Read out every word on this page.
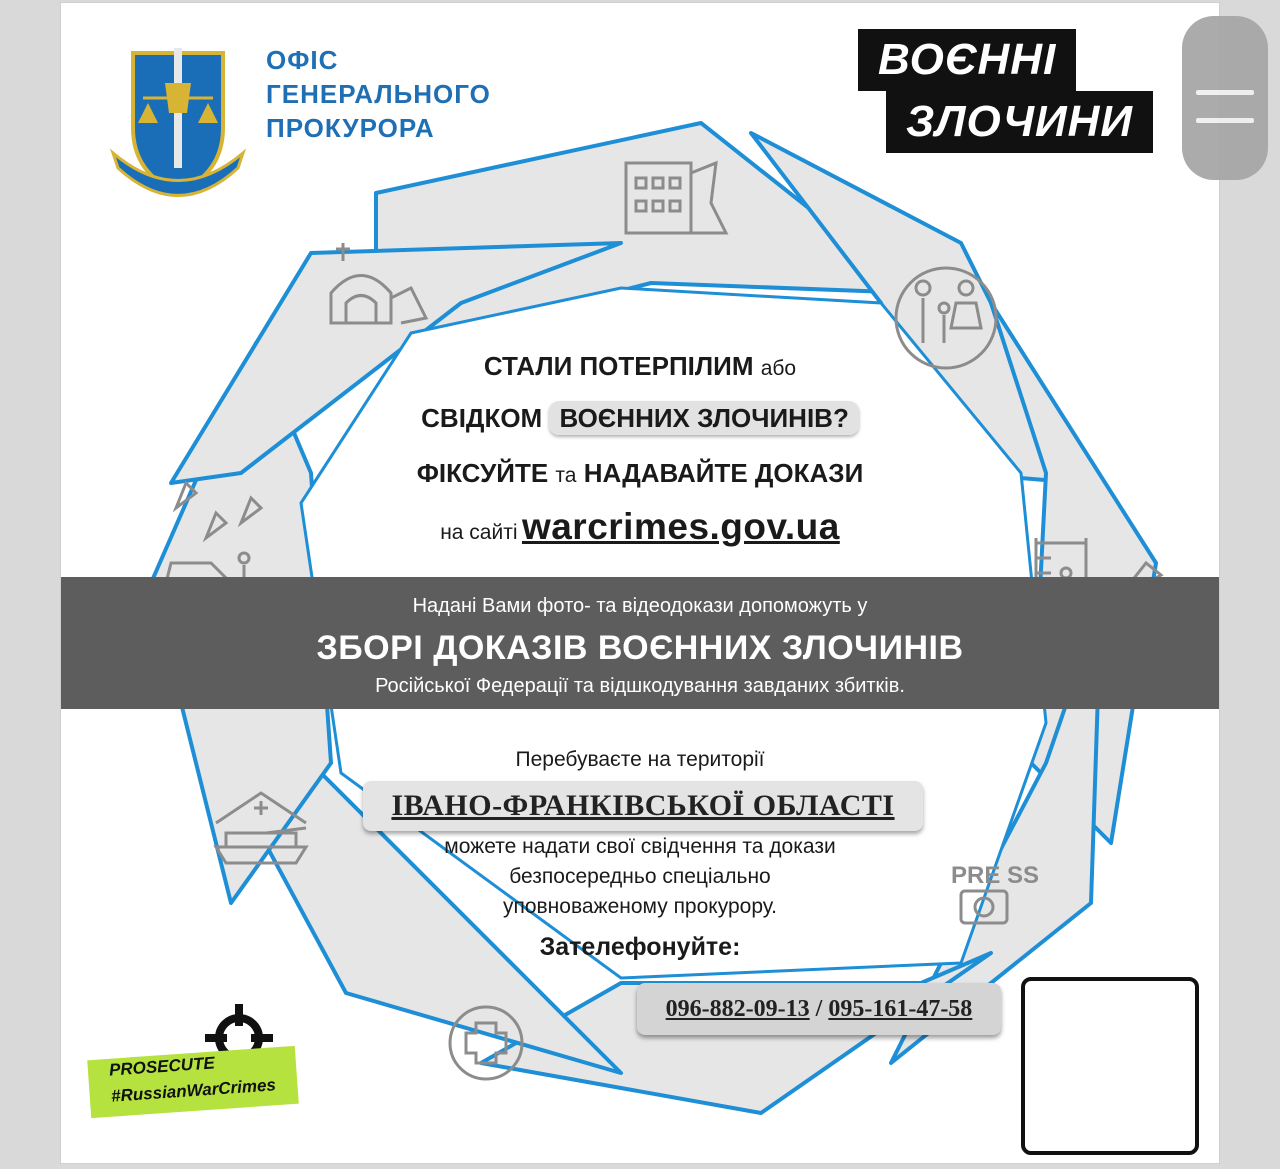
PRE SS
ОФІС
ГЕНЕРАЛЬНОГО
ПРОКУРОРА
ВОЄННІ
ЗЛОЧИНИ
СТАЛИ ПОТЕРПІЛИМ або
СВІДКОМ ВОЄННИХ ЗЛОЧИНІВ?
ФІКСУЙТЕ та НАДАВАЙТЕ ДОКАЗИ
на сайті warcrimes.gov.ua
Надані Вами фото- та відеодокази допоможуть у
ЗБОРІ ДОКАЗІВ ВОЄННИХ ЗЛОЧИНІВ
Російської Федерації та відшкодування завданих збитків.
Перебуваєте на території
ІВАНО-ФРАНКІВСЬКОЇ ОБЛАСТІ
можете надати свої свідчення та докази
безпосередньо спеціально
уповноваженому прокурору.
Зателефонуйте:
096-882-09-13 / 095-161-47-58
PROSECUTE
#RussianWarCrimes
